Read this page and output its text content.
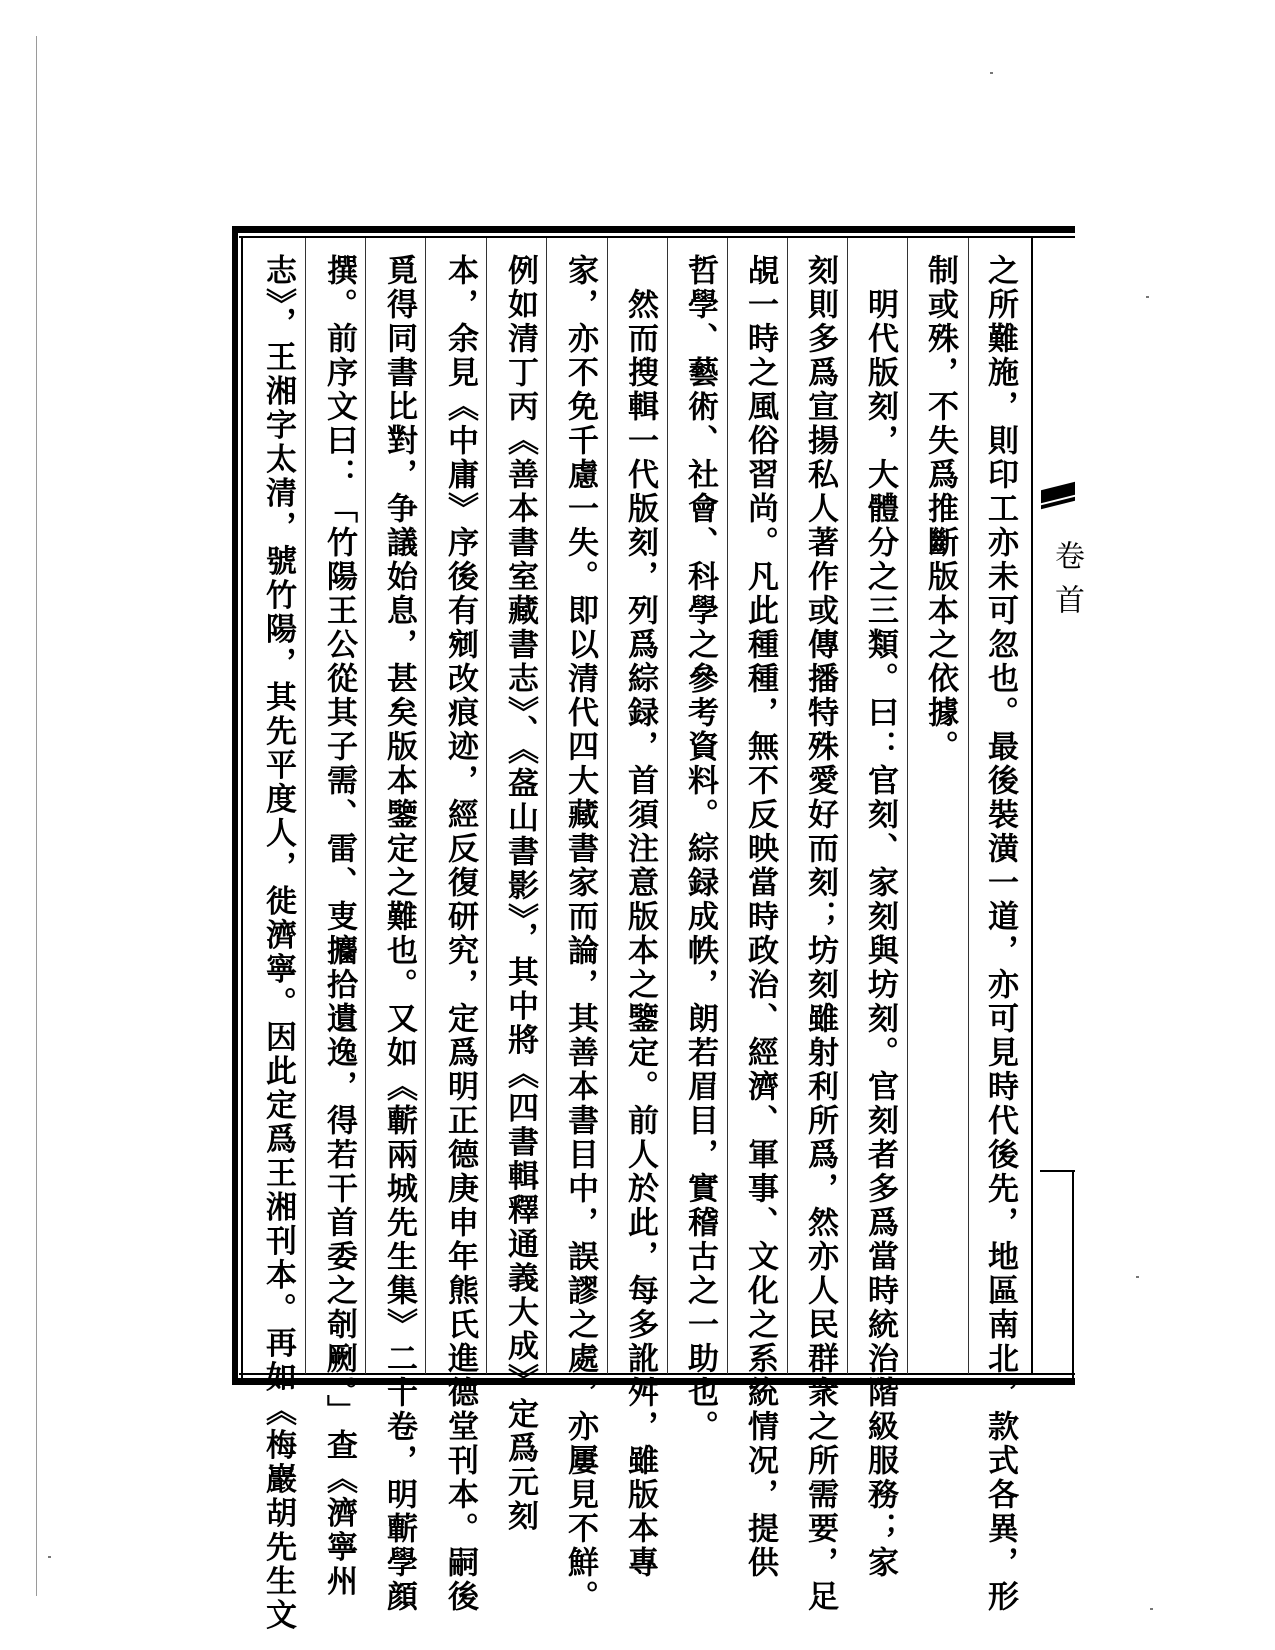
之所難施，則印工亦未可忽也。最後裝潢一道，亦可見時代後先，地區南北，款式各異，形
制或殊，不失爲推斷版本之依據。
　明代版刻，大體分之三類。曰：官刻、家刻與坊刻。官刻者多爲當時統治階級服務；家
刻則多爲宣揚私人著作或傳播特殊愛好而刻；坊刻雖射利所爲，然亦人民群衆之所需要，足
覘一時之風俗習尚。凡此種種，無不反映當時政治、經濟、軍事、文化之系統情况，提供
哲學、藝術、社會、科學之參考資料。綜録成帙，朗若眉目，實稽古之一助也。
　然而搜輯一代版刻，列爲綜録，首須注意版本之鑒定。前人於此，每多訛舛，雖版本專
家，亦不免千慮一失。即以清代四大藏書家而論，其善本書目中，誤謬之處，亦屢見不鮮。
例如清丁丙《善本書室藏書志》、《盋山書影》，其中將《四書輯釋通義大成》定爲元刻
本，余見《中庸》序後有剜改痕迹，經反復研究，定爲明正德庚申年熊氏進德堂刊本。嗣後
覓得同書比對，争議始息，甚矣版本鑒定之難也。又如《蘄兩城先生集》二十卷，明蘄學顔
撰。前序文曰：「竹陽王公從其子需、雷、叓攟拾遺逸，得若干首委之剞劂。」查《濟寧州
志》，王湘字太清，號竹陽，其先平度人，徙濟寧。因此定爲王湘刊本。再如《梅巖胡先生文	卷首
